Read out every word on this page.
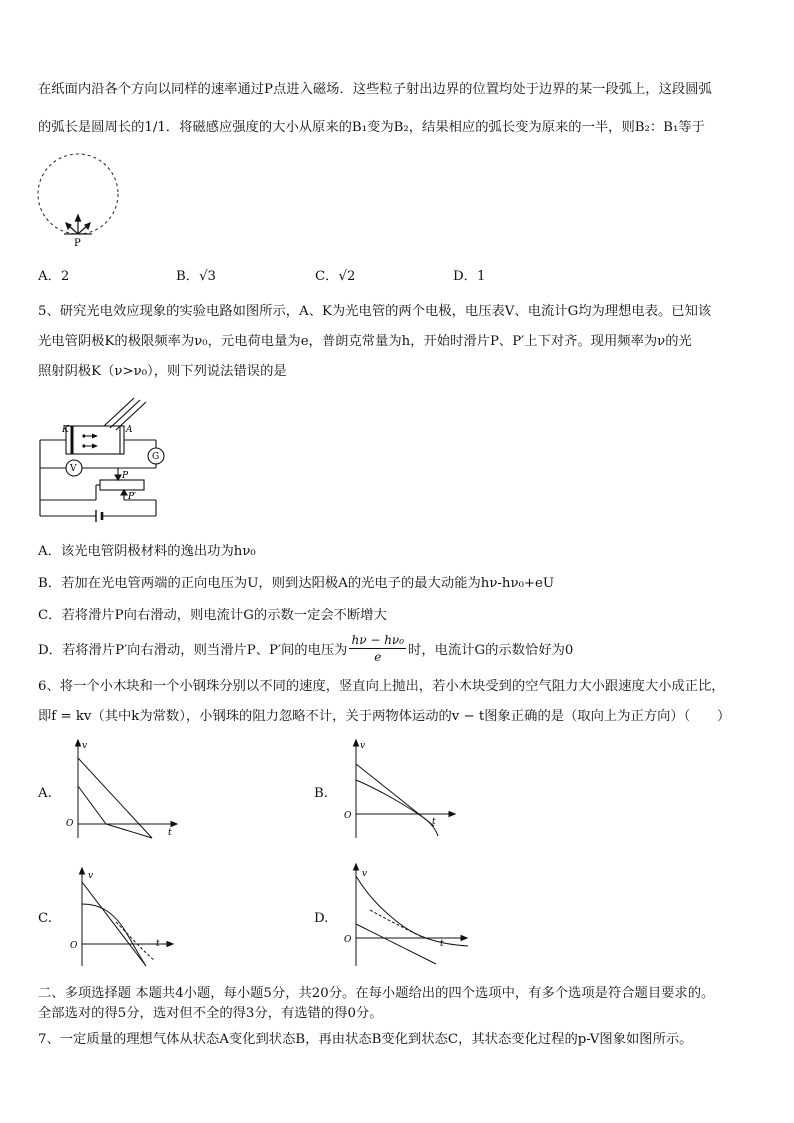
在纸面内沿各个方向以同样的速率通过P点进入磁场．这些粒子射出边界的位置均处于边界的某一段弧上，这段圆弧
的弧长是圆周长的1/1．将磁感应强度的大小从原来的B₁变为B₂，结果相应的弧长变为原来的一半，则B₂：B₁等于
P
A．2	B．√3	C．√2	D．1
5、研究光电效应现象的实验电路如图所示，A、K为光电管的两个电极，电压表V、电流计G均为理想电表。已知该
光电管阴极K的极限频率为ν₀，元电荷电量为e，普朗克常量为h，开始时滑片P、P′上下对齐。现用频率为ν的光
照射阴极K（ν>ν₀），则下列说法错误的是
K	A
V
G
P
P′
A．该光电管阴极材料的逸出功为hν₀
B．若加在光电管两端的正向电压为U，则到达阳极A的光电子的最大动能为hν-hν₀+eU
C．若将滑片P向右滑动，则电流计G的示数一定会不断增大
D．若将滑片P′向右滑动，则当滑片P、P′间的电压为 $\frac{\text{hν − hν₀}}{e}$ 时，电流计G的示数恰好为0
6、将一个小木块和一个小钢珠分别以不同的速度，竖直向上抛出，若小木块受到的空气阻力大小跟速度大小成正比，
即f = kv（其中k为常数），小钢珠的阻力忽略不计，关于两物体运动的v − t图象正确的是（取向上为正方向）（　　）
A.	B.
C.	D.
v
t
O
v
t
O
v
t
O
v
t
O
二、多项选择题 本题共4小题，每小题5分，共20分。在每小题给出的四个选项中，有多个选项是符合题目要求的。
全部选对的得5分，选对但不全的得3分，有选错的得0分。
7、一定质量的理想气体从状态A变化到状态B，再由状态B变化到状态C，其状态变化过程的p-V图象如图所示。
